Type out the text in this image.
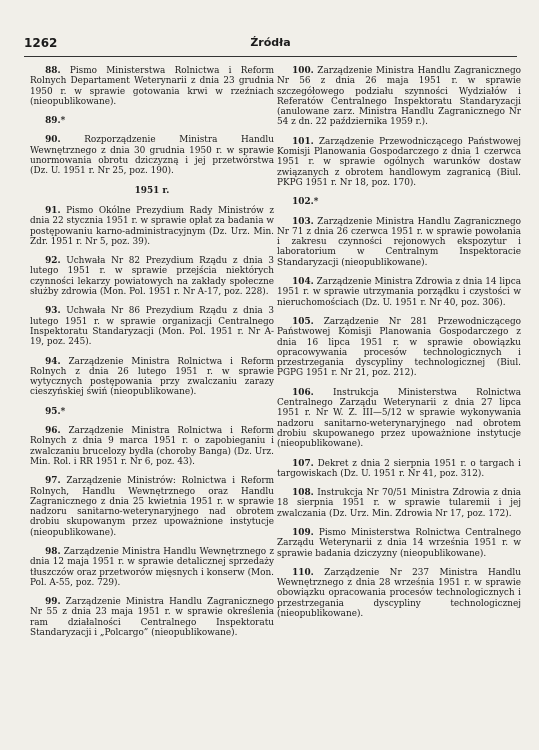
1262	Źródła

88. Pismo Ministerstwa Rolnictwa i Reform Rolnych Departament Weterynarii z dnia 23 grudnia 1950 r. w sprawie gotowania krwi w rzeźniach (nieopublikowane).

89.*

90.	Rozporządzenie Ministra Handlu Wewnętrznego z dnia 30 grudnia 1950 r. w sprawie unormowania obrotu dziczyzną i jej przetwórstwa (Dz. U. 1951 r. Nr 25, poz. 190).

1951 r.

91. Pismo Okólne Prezydium Rady Ministrów z dnia 22 stycznia 1951 r. w sprawie opłat za badania w postępowaniu karno-administracyjnym (Dz. Urz. Min. Zdr. 1951 r. Nr 5, poz. 39).

92. Uchwała Nr 82 Prezydium Rządu z dnia 3 lutego 1951 r. w sprawie przejścia niektórych czynności lekarzy powiatowych na zakłady społeczne służby zdrowia (Mon. Pol. 1951 r. Nr A-17, poz. 228).

93. Uchwała Nr 86 Prezydium Rządu z dnia 3 lutego 1951 r. w sprawie organizacji Centralnego Inspektoratu Standaryzacji (Mon. Pol. 1951 r. Nr A-19, poz. 245).

94. Zarządzenie Ministra Rolnictwa i Reform Rolnych z dnia 26 lutego 1951 r. w sprawie wytycznych postępowania przy zwalczaniu zarazy cieszyńskiej świń (nieopublikowane).

95.*

96. Zarządzenie Ministra Rolnictwa i Reform Rolnych z dnia 9 marca 1951 r. o zapobieganiu i zwalczaniu brucelozy bydła (choroby Banga) (Dz. Urz. Min. Rol. i RR 1951 r. Nr 6, poz. 43).

97. Zarządzenie Ministrów: Rolnictwa i Reform Rolnych, Handlu Wewnętrznego oraz Handlu Zagranicznego z dnia 25 kwietnia 1951 r. w sprawie nadzoru sanitarno-weterynaryjnego nad obrotem drobiu skupowanym przez upoważnione instytucje (nieopublikowane).

98. Zarządzenie Ministra Handlu Wewnętrznego z dnia 12 maja 1951 r. w sprawie detalicznej sprzedaży tłuszczów oraz przetworów mięsnych i konserw (Mon. Pol. A-55, poz. 729).

99. Zarządzenie Ministra Handlu Zagranicznego Nr 55 z dnia 23 maja 1951 r. w sprawie określenia ram działalności Centralnego Inspektoratu Standaryzacji i „Polcargo” (nieopublikowane).

100. Zarządzenie Ministra Handlu Zagranicznego Nr 56 z dnia 26 maja 1951 r. w sprawie szczegółowego podziału szynności Wydziałów i Referatów Centralnego Inspektoratu Standaryzacji (anulowane zarz. Ministra Handlu Zagranicznego Nr 54 z dn. 22 października 1959 r.).

101. Zarządzenie Przewodniczącego Państwowej Komisji Planowania Gospodarczego z dnia 1 czerwca 1951 r. w sprawie ogólnych warunków dostaw związanych z obrotem handlowym zagranicą (Biul. PKPG 1951 r. Nr 18, poz. 170).

102.*

103. Zarządzenie Ministra Handlu Zagranicznego Nr 71 z dnia 26 czerwca 1951 r. w sprawie powołania i zakresu czynności rejonowych ekspozytur i laboratorium w Centralnym Inspektoracie Standaryzacji (nieopublikowane).

104. Zarządzenie Ministra Zdrowia z dnia 14 lipca 1951 r. w sprawie utrzymania porządku i czystości w nieruchomościach (Dz. U. 1951 r. Nr 40, poz. 306).

105. Zarządzenie Nr 281 Przewodniczącego Państwowej Komisji Planowania Gospodarczego z dnia 16 lipca 1951 r. w sprawie obowiązku opracowywania procesów technologicznych i przestrzegania dyscypliny technologicznej (Biul. PGPG 1951 r. Nr 21, poz. 212).

106. Instrukcja Ministerstwa Rolnictwa Centralnego Zarządu Weterynarii z dnia 27 lipca 1951 r. Nr W. Z. III—5/12 w sprawie wykonywania nadzoru sanitarno-weterynaryjnego nad obrotem drobiu skupowanego przez upoważnione instytucje (nieopublikowane).

107. Dekret z dnia 2 sierpnia 1951 r. o targach i targowiskach (Dz. U. 1951 r. Nr 41, poz. 312).

108. Instrukcja Nr 70/51 Ministra Zdrowia z dnia 18 sierpnia 1951 r. w sprawie tularemii i jej zwalczania (Dz. Urz. Min. Zdrowia Nr 17, poz. 172).

109. Pismo Ministerstwa Rolnictwa Centralnego Zarządu Weterynarii z dnia 14 września 1951 r. w sprawie badania dziczyzny (nieopublikowane).

110. Zarządzenie Nr 237 Ministra Handlu Wewnętrznego z dnia 28 września 1951 r. w sprawie obowiązku opracowania procesów technologicznych i przestrzegania dyscypliny technologicznej (nieopublikowane).
